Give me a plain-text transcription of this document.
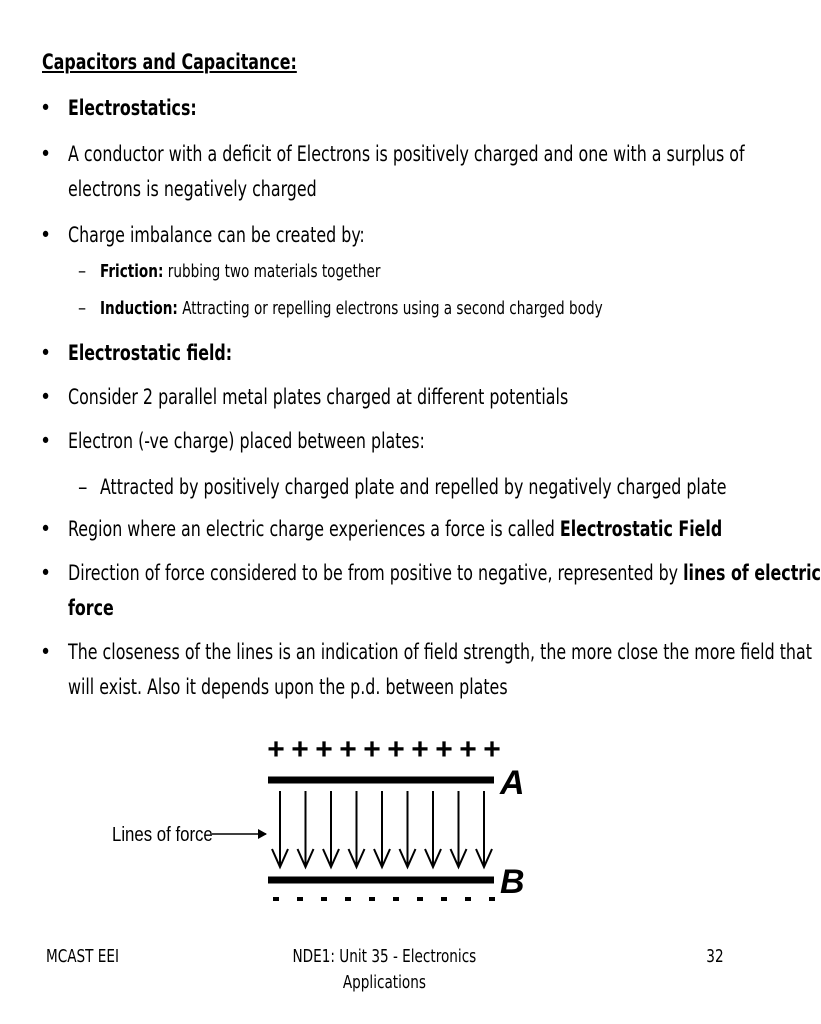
Capacitors and Capacitance:
• Electrostatics:
• A conductor with a deficit of Electrons is positively charged and one with a surplus of
electrons is negatively charged
• Charge imbalance can be created by:
– Friction: rubbing two materials together
– Induction: Attracting or repelling electrons using a second charged body
• Electrostatic field:
• Consider 2 parallel metal plates charged at different potentials
• Electron (-ve charge) placed between plates:
– Attracted by positively charged plate and repelled by negatively charged plate
• Region where an electric charge experiences a force is called Electrostatic Field
• Direction of force considered to be from positive to negative, represented by lines of electric
force
• The closeness of the lines is an indication of field strength, the more close the more field that
will exist. Also it depends upon the p.d. between plates
+ + + + + + + + + +
A
Lines of force
B
MCAST EEI	NDE1: Unit 35 - Electronics
Applications
32
